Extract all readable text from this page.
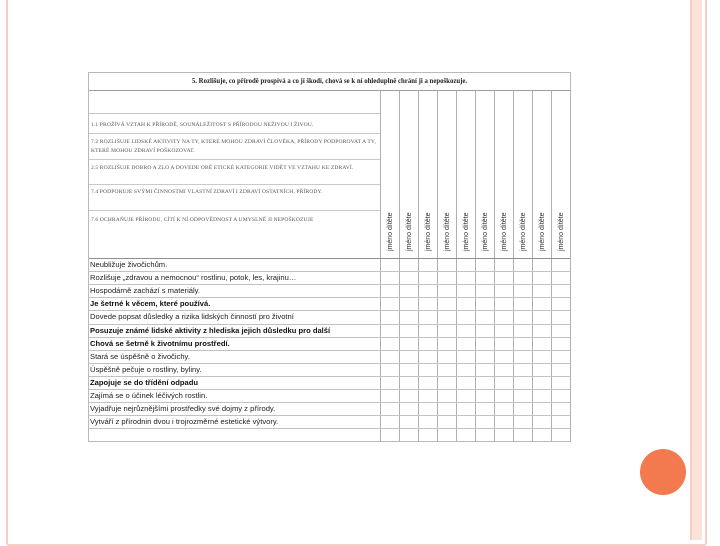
5. Rozlišuje, co přírodě prospívá a co jí škodí, chová se k ní ohleduplně chrání ji a nepoškozuje.
1.1 PROŽÍVÁ VZTAH K PŘÍRODĚ, SOUNÁLEŽITOST S PŘÍRODOU NEŽIVOU I ŽIVOU.
7.2 ROZLIŠUJE LIDSKÉ AKTIVITY NA TY, KTERÉ MOHOU ZDRAVÍ ČLOVĚKA, PŘÍRODY PODPOROVAT A TY, KTERÉ MOHOU ZDRAVÍ POŠKOZOVAT.
2.5 ROZLIŠUJE DOBRO A ZLO A DOVEDE OBĚ ETICKÉ KATEGORIE VIDĚT VE VZTAHU KE ZDRAVÍ.
7.4 PODPORUJE SVÝMI ČINNOSTMI VLASTNÍ ZDRAVÍ I ZDRAVÍ OSTATNÍCH, PŘÍRODY.
7.6 OCHRAŇUJE PŘÍRODU, CÍTÍ K NÍ ODPOVĚDNOST A UMYSLNĚ JI NEPOŠKOZUJE	jméno dítěte jméno dítěte jméno dítěte jméno dítěte jméno dítěte jméno dítěte jméno dítěte jméno dítěte jméno dítěte jméno dítěte
Neubližuje živočichům.
Rozlišuje „zdravou a nemocnou“ rostlinu, potok, les, krajinu…
Hospodárně zachází s materiály.
Je šetrné k věcem, které používá.
Dovede popsat důsledky a rizika lidských činností pro životní
Posuzuje známé lidské aktivity z hlediska jejich důsledku pro další
Chová se šetrně k životnímu prostředí.
Stará se úspěšně o živočichy.
Úspěšně pečuje o rostliny, byliny.
Zapojuje se do třídění odpadu
Zajímá se o účinek léčivých rostlin.
Vyjadřuje nejrůznějšími prostředky své dojmy z přírody.
Vytváří z přírodnin dvou i trojrozměrné estetické výtvory.
